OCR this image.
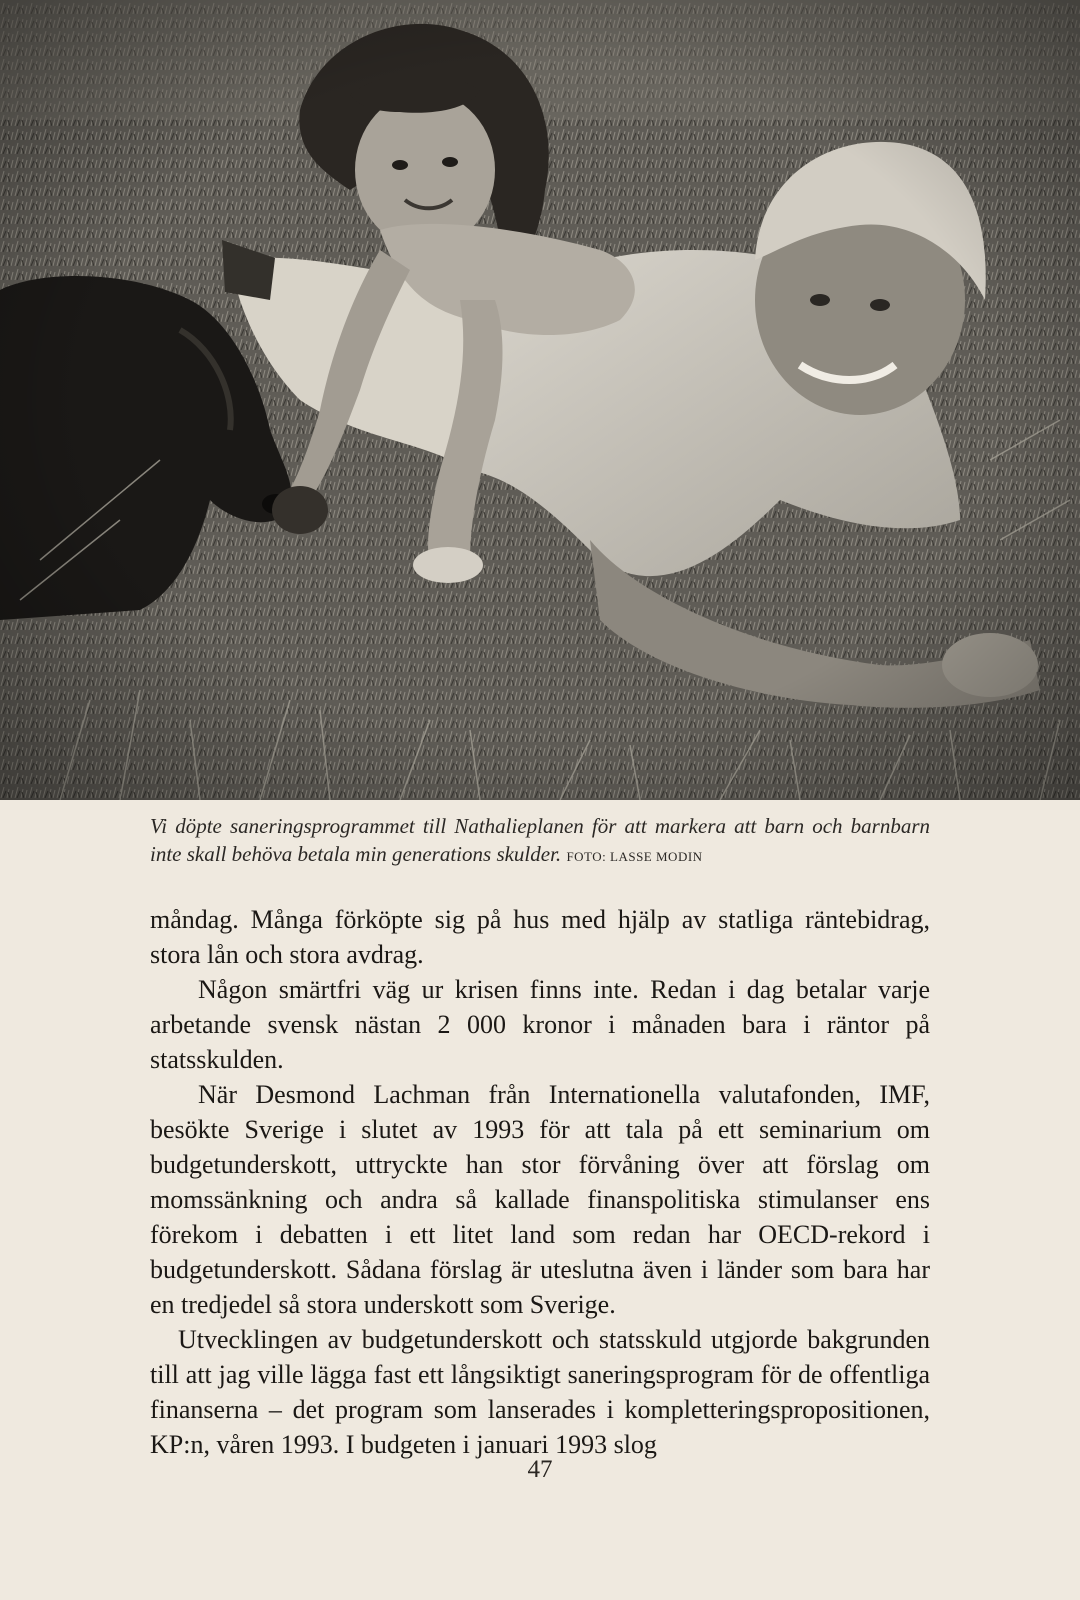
Vi döpte saneringsprogrammet till Nathalieplanen för att markera att barn och barnbarn inte skall behöva betala min generations skulder. FOTO: LASSE MODIN

måndag. Många förköpte sig på hus med hjälp av statliga räntebidrag, stora lån och stora avdrag.

Någon smärtfri väg ur krisen finns inte. Redan i dag betalar varje arbetande svensk nästan 2 000 kronor i månaden bara i räntor på statsskulden.

När Desmond Lachman från Internationella valutafonden, IMF, besökte Sverige i slutet av 1993 för att tala på ett seminarium om budgetunderskott, uttryckte han stor förvåning över att förslag om momssänkning och andra så kallade finanspolitiska stimulanser ens förekom i debatten i ett litet land som redan har OECD-rekord i budgetunderskott. Sådana förslag är uteslutna även i länder som bara har en tredjedel så stora underskott som Sverige.

Utvecklingen av budgetunderskott och statsskuld utgjorde bakgrunden till att jag ville lägga fast ett långsiktigt saneringsprogram för de offentliga finanserna – det program som lanserades i kompletteringspropositionen, KP:n, våren 1993. I budgeten i januari 1993 slog

47
